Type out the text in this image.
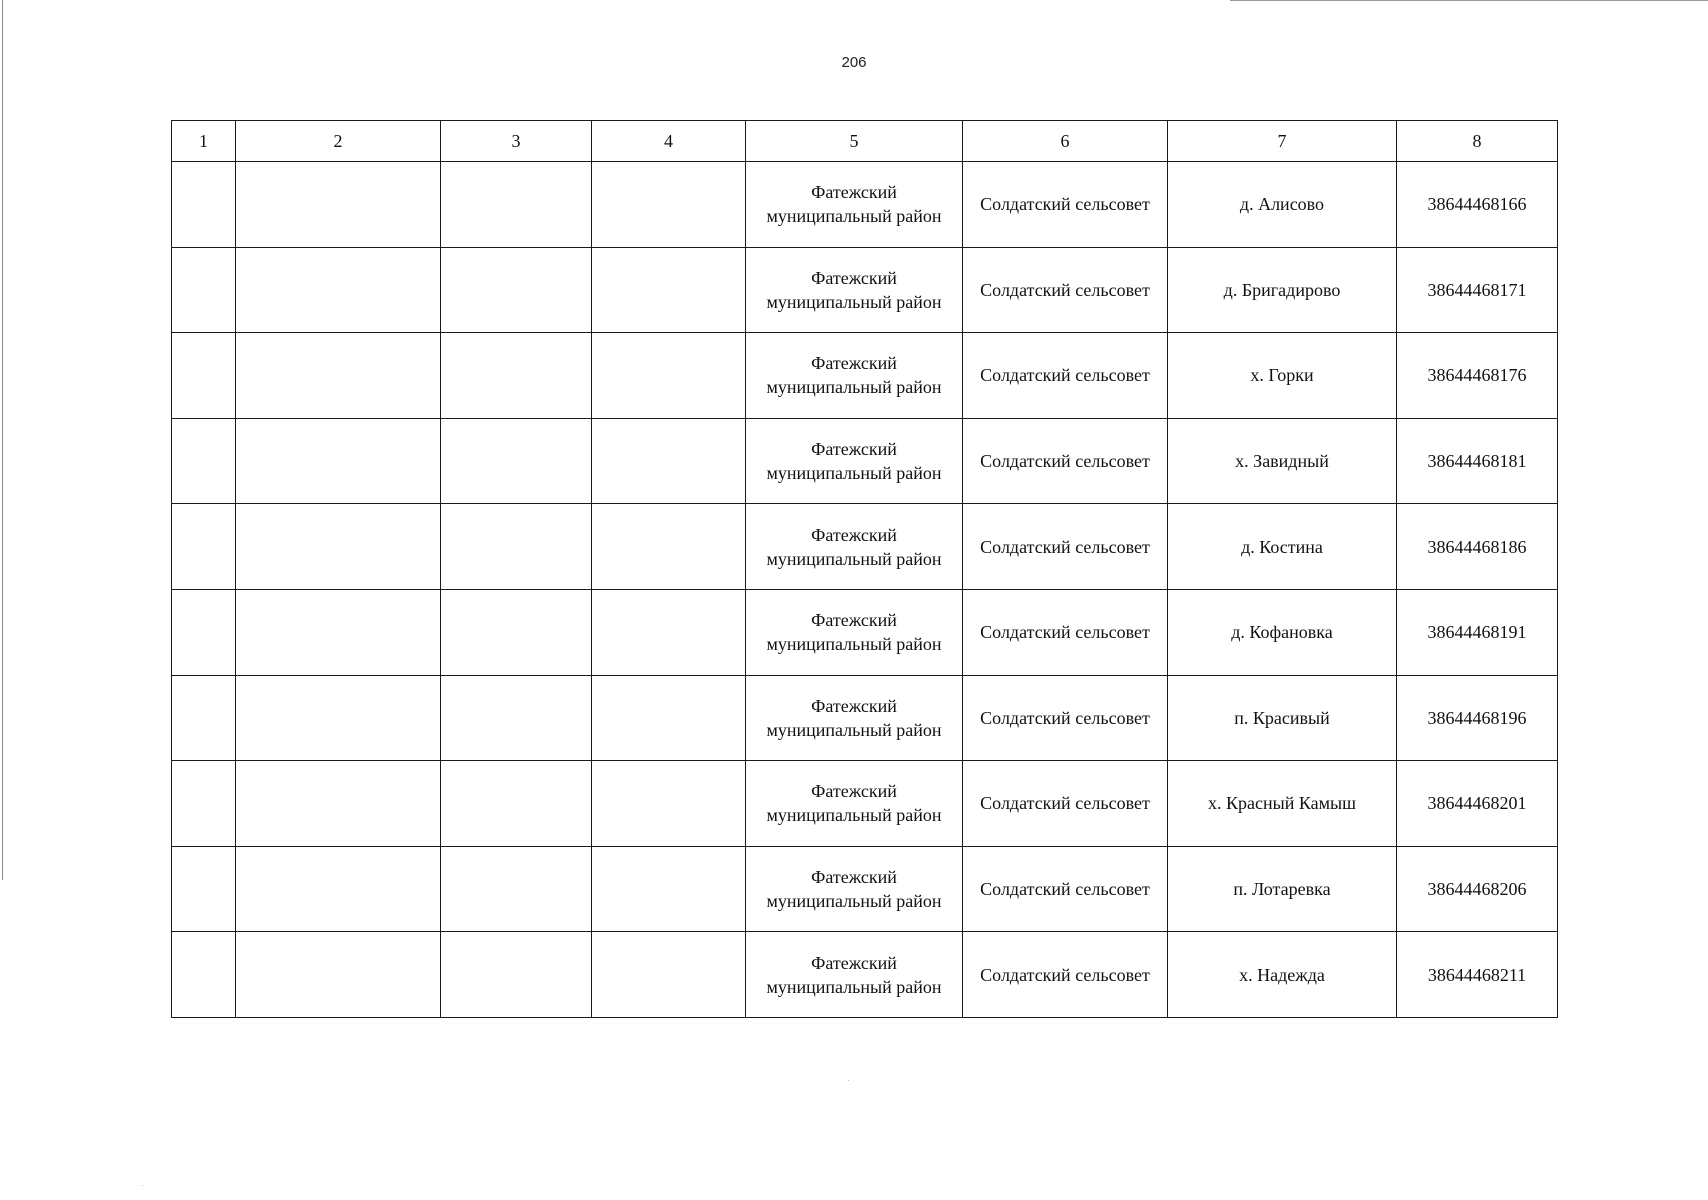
206
1	2	3	4	5	6	7	8

				Фатежский
муниципальный район	Солдатский сельсовет	д. Алисово	38644468166

				Фатежский
муниципальный район	Солдатский сельсовет	д. Бригадирово	38644468171

				Фатежский
муниципальный район	Солдатский сельсовет	х. Горки	38644468176

				Фатежский
муниципальный район	Солдатский сельсовет	х. Завидный	38644468181

				Фатежский
муниципальный район	Солдатский сельсовет	д. Костина	38644468186

				Фатежский
муниципальный район	Солдатский сельсовет	д. Кофановка	38644468191

				Фатежский
муниципальный район	Солдатский сельсовет	п. Красивый	38644468196

				Фатежский
муниципальный район	Солдатский сельсовет	х. Красный Камыш	38644468201

				Фатежский
муниципальный район	Солдатский сельсовет	п. Лотаревка	38644468206

				Фатежский
муниципальный район	Солдатский сельсовет	х. Надежда	38644468211
